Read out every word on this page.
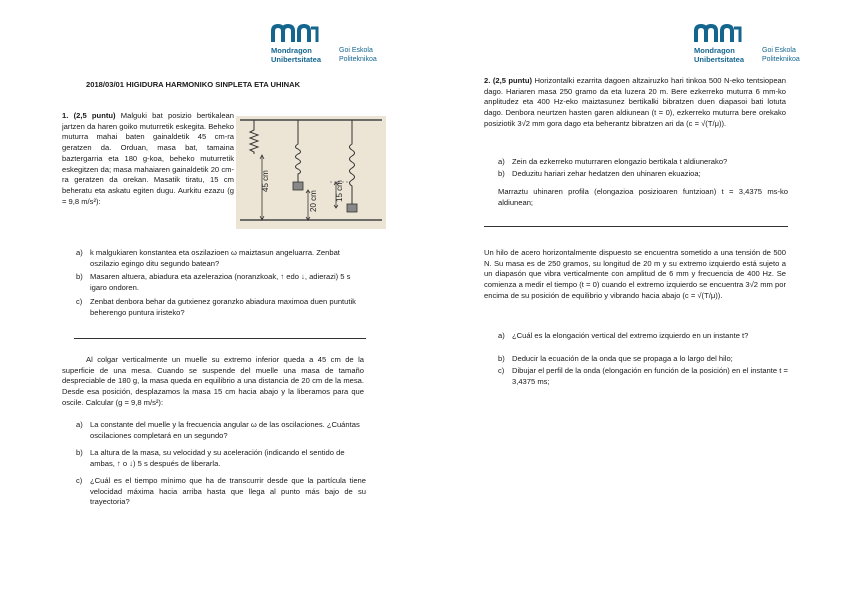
Mondragon
Unibertsitatea
Goi Eskola
Politeknikoa
2018/03/01 HIGIDURA HARMONIKO SINPLETA ETA UHINAK
1. (2,5 puntu) Malguki bat posizio bertikalean jartzen da haren goiko muturretik eskegita. Beheko muturra mahai baten gainaldetik 45 cm-ra geratzen da. Orduan, masa bat, tamaina baztergarria eta 180 g-koa, beheko muturretik eskegitzen da; masa mahaiaren gainaldetik 20 cm-ra geratzen da orekan. Masatik tiratu, 15 cm beheratu eta askatu egiten dugu. Aurkitu ezazu (g = 9,8 m/s²):
45 cm
20 cm 15 cm
a) k malgukiaren konstantea eta oszilazioen ω maiztasun angeluarra. Zenbat oszilazio egingo ditu segundo batean?
b) Masaren altuera, abiadura eta azelerazioa (noranzkoak, ↑ edo ↓, adierazi) 5 s igaro ondoren.
c) Zenbat denbora behar da gutxienez goranzko abiadura maximoa duen puntutik beherengo puntura iristeko?
Al colgar verticalmente un muelle su extremo inferior queda a 45 cm de la superficie de una mesa. Cuando se suspende del muelle una masa de tamaño despreciable de 180 g, la masa queda en equilibrio a una distancia de 20 cm de la mesa. Desde esa posición, desplazamos la masa 15 cm hacia abajo y la liberamos para que oscile. Calcular (g = 9,8 m/s²):
a) La constante del muelle y la frecuencia angular ω de las oscilaciones. ¿Cuántas oscilaciones completará en un segundo?
b) La altura de la masa, su velocidad y su aceleración (indicando el sentido de ambas, ↑ o ↓) 5 s después de liberarla.
c) ¿Cuál es el tiempo mínimo que ha de transcurrir desde que la partícula tiene velocidad máxima hacia arriba hasta que llega al punto más bajo de su trayectoria?
Mondragon
Unibertsitatea
Goi Eskola
Politeknikoa
2. (2,5 puntu) Horizontalki ezarrita dagoen altzairuzko hari tinkoa 500 N-eko tentsiopean dago. Hariaren masa 250 gramo da eta luzera 20 m. Bere ezkerreko muturra 6 mm-ko anplitudez eta 400 Hz-eko maiztasunez bertikalki bibratzen duen diapasoi bati lotuta dago. Denbora neurtzen hasten garen aldiunean (t = 0), ezkerreko muturra bere orekako posiziotik 3√2 mm gora dago eta beherantz bibratzen ari da (c = √(T/μ)).
a) Zein da ezkerreko muturraren elongazio bertikala t aldiunerako?
b) Deduzitu hariari zehar hedatzen den uhinaren ekuazioa;
Marraztu uhinaren profila (elongazioa posizioaren funtzioan) t = 3,4375 ms-ko aldiunean;
Un hilo de acero horizontalmente dispuesto se encuentra sometido a una tensión de 500 N. Su masa es de 250 gramos, su longitud de 20 m y su extremo izquierdo está sujeto a un diapasón que vibra verticalmente con amplitud de 6 mm y frecuencia de 400 Hz. Se comienza a medir el tiempo (t = 0) cuando el extremo izquierdo se encuentra 3√2 mm por encima de su posición de equilibrio y vibrando hacia abajo (c = √(T/μ)).
a) ¿Cuál es la elongación vertical del extremo izquierdo en un instante t?
b) Deducir la ecuación de la onda que se propaga a lo largo del hilo;
c) Dibujar el perfil de la onda (elongación en función de la posición) en el instante t = 3,4375 ms;
